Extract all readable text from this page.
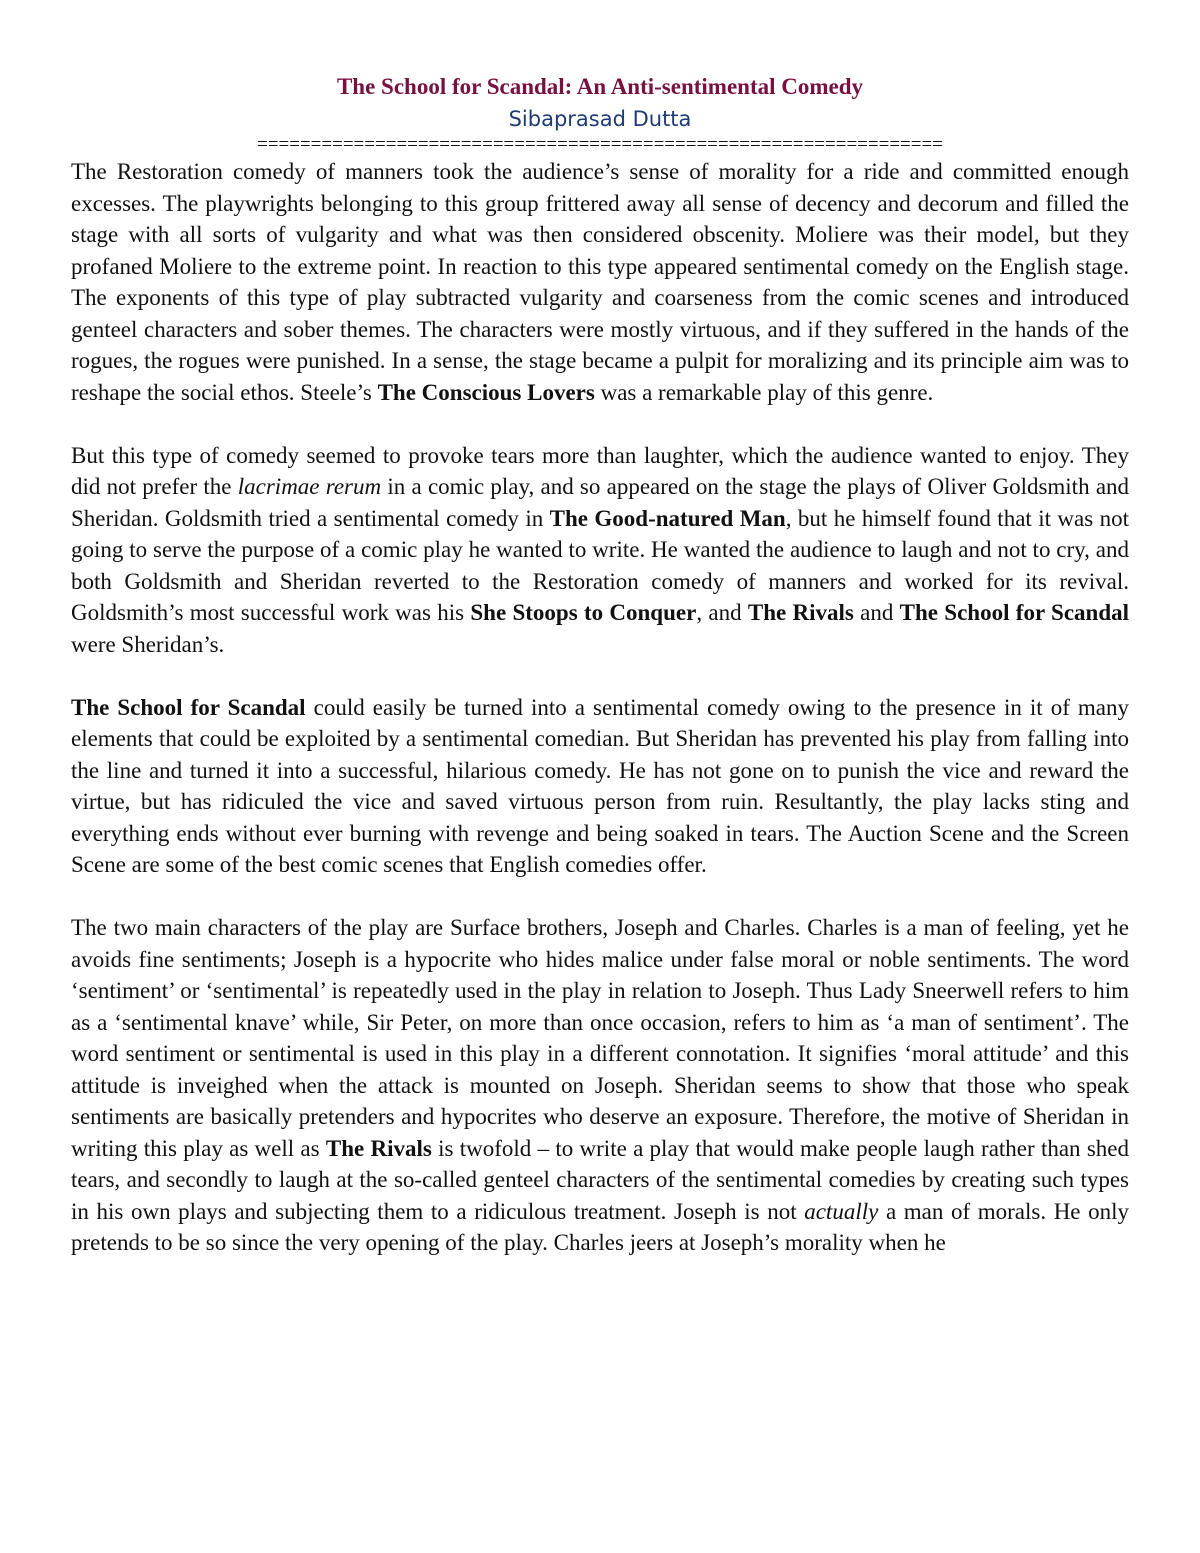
The School for Scandal: An Anti-sentimental Comedy

Sibaprasad Dutta

================================================================

The Restoration comedy of manners took the audience’s sense of morality for a ride and committed enough excesses. The playwrights belonging to this group frittered away all sense of decency and decorum and filled the stage with all sorts of vulgarity and what was then considered obscenity. Moliere was their model, but they profaned Moliere to the extreme point. In reaction to this type appeared sentimental comedy on the English stage. The exponents of this type of play subtracted vulgarity and coarseness from the comic scenes and introduced genteel characters and sober themes. The characters were mostly virtuous, and if they suffered in the hands of the rogues, the rogues were punished. In a sense, the stage became a pulpit for moralizing and its principle aim was to reshape the social ethos. Steele’s The Conscious Lovers was a remarkable play of this genre.

But this type of comedy seemed to provoke tears more than laughter, which the audience wanted to enjoy. They did not prefer the lacrimae rerum in a comic play, and so appeared on the stage the plays of Oliver Goldsmith and Sheridan. Goldsmith tried a sentimental comedy in The Good-natured Man, but he himself found that it was not going to serve the purpose of a comic play he wanted to write. He wanted the audience to laugh and not to cry, and both Goldsmith and Sheridan reverted to the Restoration comedy of manners and worked for its revival. Goldsmith’s most successful work was his She Stoops to Conquer, and The Rivals and The School for Scandal were Sheridan’s.

The School for Scandal could easily be turned into a sentimental comedy owing to the presence in it of many elements that could be exploited by a sentimental comedian. But Sheridan has prevented his play from falling into the line and turned it into a successful, hilarious comedy. He has not gone on to punish the vice and reward the virtue, but has ridiculed the vice and saved virtuous person from ruin. Resultantly, the play lacks sting and everything ends without ever burning with revenge and being soaked in tears. The Auction Scene and the Screen Scene are some of the best comic scenes that English comedies offer.

The two main characters of the play are Surface brothers, Joseph and Charles. Charles is a man of feeling, yet he avoids fine sentiments; Joseph is a hypocrite who hides malice under false moral or noble sentiments. The word ‘sentiment’ or ‘sentimental’ is repeatedly used in the play in relation to Joseph. Thus Lady Sneerwell refers to him as a ‘sentimental knave’ while, Sir Peter, on more than once occasion, refers to him as ‘a man of sentiment’. The word sentiment or sentimental is used in this play in a different connotation. It signifies ‘moral attitude’ and this attitude is inveighed when the attack is mounted on Joseph. Sheridan seems to show that those who speak sentiments are basically pretenders and hypocrites who deserve an exposure. Therefore, the motive of Sheridan in writing this play as well as The Rivals is twofold – to write a play that would make people laugh rather than shed tears, and secondly to laugh at the so-called genteel characters of the sentimental comedies by creating such types in his own plays and subjecting them to a ridiculous treatment. Joseph is not actually a man of morals. He only pretends to be so since the very opening of the play. Charles jeers at Joseph’s morality when he
